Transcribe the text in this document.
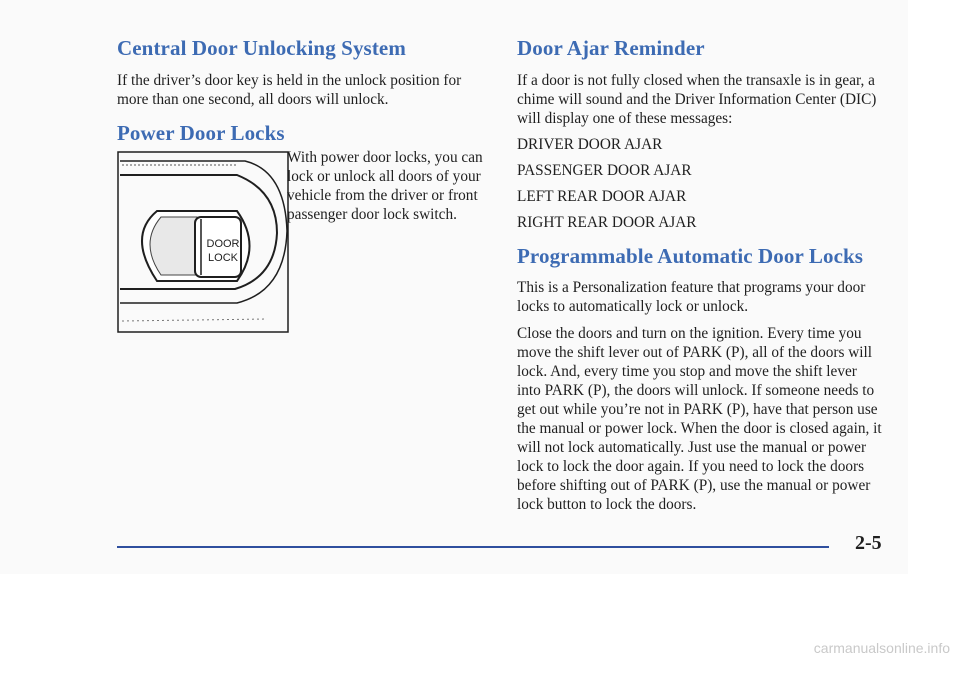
Central Door Unlocking System

If the driver’s door key is held in the unlock position for more than one second, all doors will unlock.

Power Door Locks
DOOR
LOCK
With power door locks, you can lock or unlock all doors of your vehicle from the driver or front passenger door lock switch.
Door Ajar Reminder

If a door is not fully closed when the transaxle is in gear, a chime will sound and the Driver Information Center (DIC) will display one of these messages:

DRIVER DOOR AJAR
PASSENGER DOOR AJAR
LEFT REAR DOOR AJAR
RIGHT REAR DOOR AJAR
Programmable Automatic Door Locks

This is a Personalization feature that programs your door locks to automatically lock or unlock.

Close the doors and turn on the ignition. Every time you move the shift lever out of PARK (P), all of the doors will lock. And, every time you stop and move the shift lever into PARK (P), the doors will unlock. If someone needs to get out while you’re not in PARK (P), have that person use the manual or power lock. When the door is closed again, it will not lock automatically. Just use the manual or power lock to lock the door again. If you need to lock the doors before shifting out of PARK (P), use the manual or power lock button to lock the doors.

2-5
carmanualsonline.info
